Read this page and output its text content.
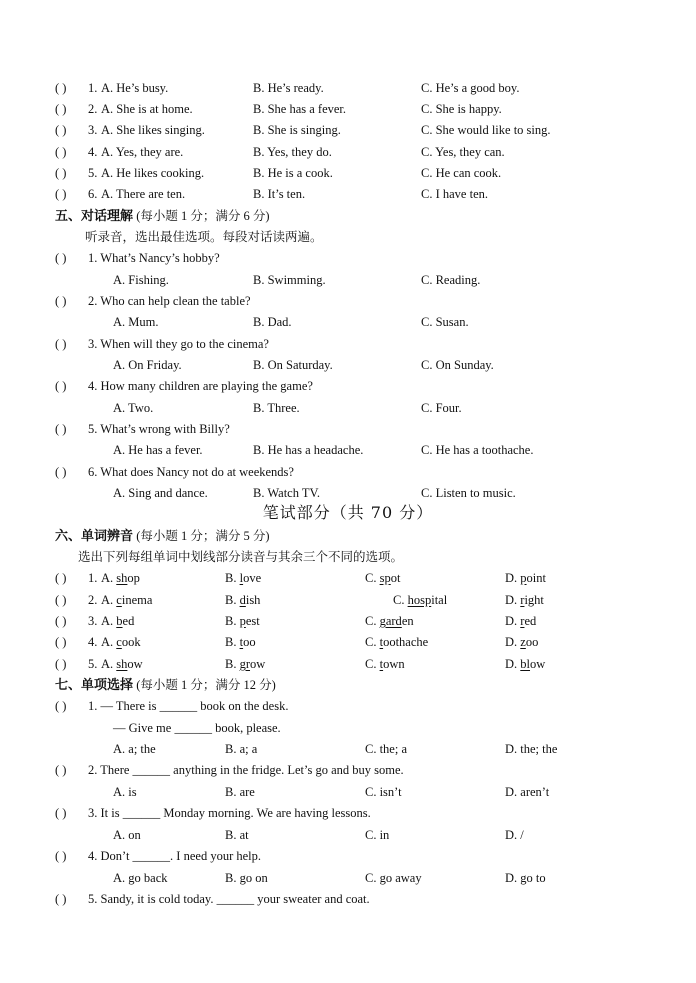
( ) 1. A. He’s busy.	B. He’s ready.	C. He’s a good boy.
( ) 2. A. She is at home.	B. She has a fever.	C. She is happy.
( ) 3. A. She likes singing.	B. She is singing.	C. She would like to sing.
( ) 4. A. Yes, they are.	B. Yes, they do.	C. Yes, they can.
( ) 5. A. He likes cooking.	B. He is a cook.	C. He can cook.
( ) 6. A. There are ten.	B. It’s ten.	C. I have ten.
五、对话理解 (每小题 1 分；满分 6 分)
听录音，选出最佳选项。每段对话读两遍。
( ) 1. What’s Nancy’s hobby?
A. Fishing.	B. Swimming.	C. Reading.
( ) 2. Who can help clean the table?
A. Mum.	B. Dad.	C. Susan.
( ) 3. When will they go to the cinema?
A. On Friday.	B. On Saturday.	C. On Sunday.
( ) 4. How many children are playing the game?
A. Two.	B. Three.	C. Four.
( ) 5. What’s wrong with Billy?
A. He has a fever.	B. He has a headache.	C. He has a toothache.
( ) 6. What does Nancy not do at weekends?
A. Sing and dance.	B. Watch TV.	C. Listen to music.
笔试部分（共 70 分）
六、单词辨音 (每小题 1 分；满分 5 分)
选出下列每组单词中划线部分读音与其余三个不同的选项。
( ) 1. A. shop	B. love	C. spot	D. point
( ) 2. A. cinema	B. dish	C. hospital	D. right
( ) 3. A. bed	B. pest	C. garden	D. red
( ) 4. A. cook	B. too	C. toothache	D. zoo
( ) 5. A. show	B. grow	C. town	D. blow
七、单项选择 (每小题 1 分；满分 12 分)
( ) 1. — There is ______ book on the desk.
— Give me ______ book, please.
A. a; the	B. a; a	C. the; a	D. the; the
( ) 2. There ______ anything in the fridge. Let’s go and buy some.
A. is	B. are	C. isn’t	D. aren’t
( ) 3. It is ______ Monday morning. We are having lessons.
A. on	B. at	C. in	D. /
( ) 4. Don’t ______. I need your help.
A. go back	B. go on	C. go away	D. go to
( ) 5. Sandy, it is cold today. ______ your sweater and coat.
